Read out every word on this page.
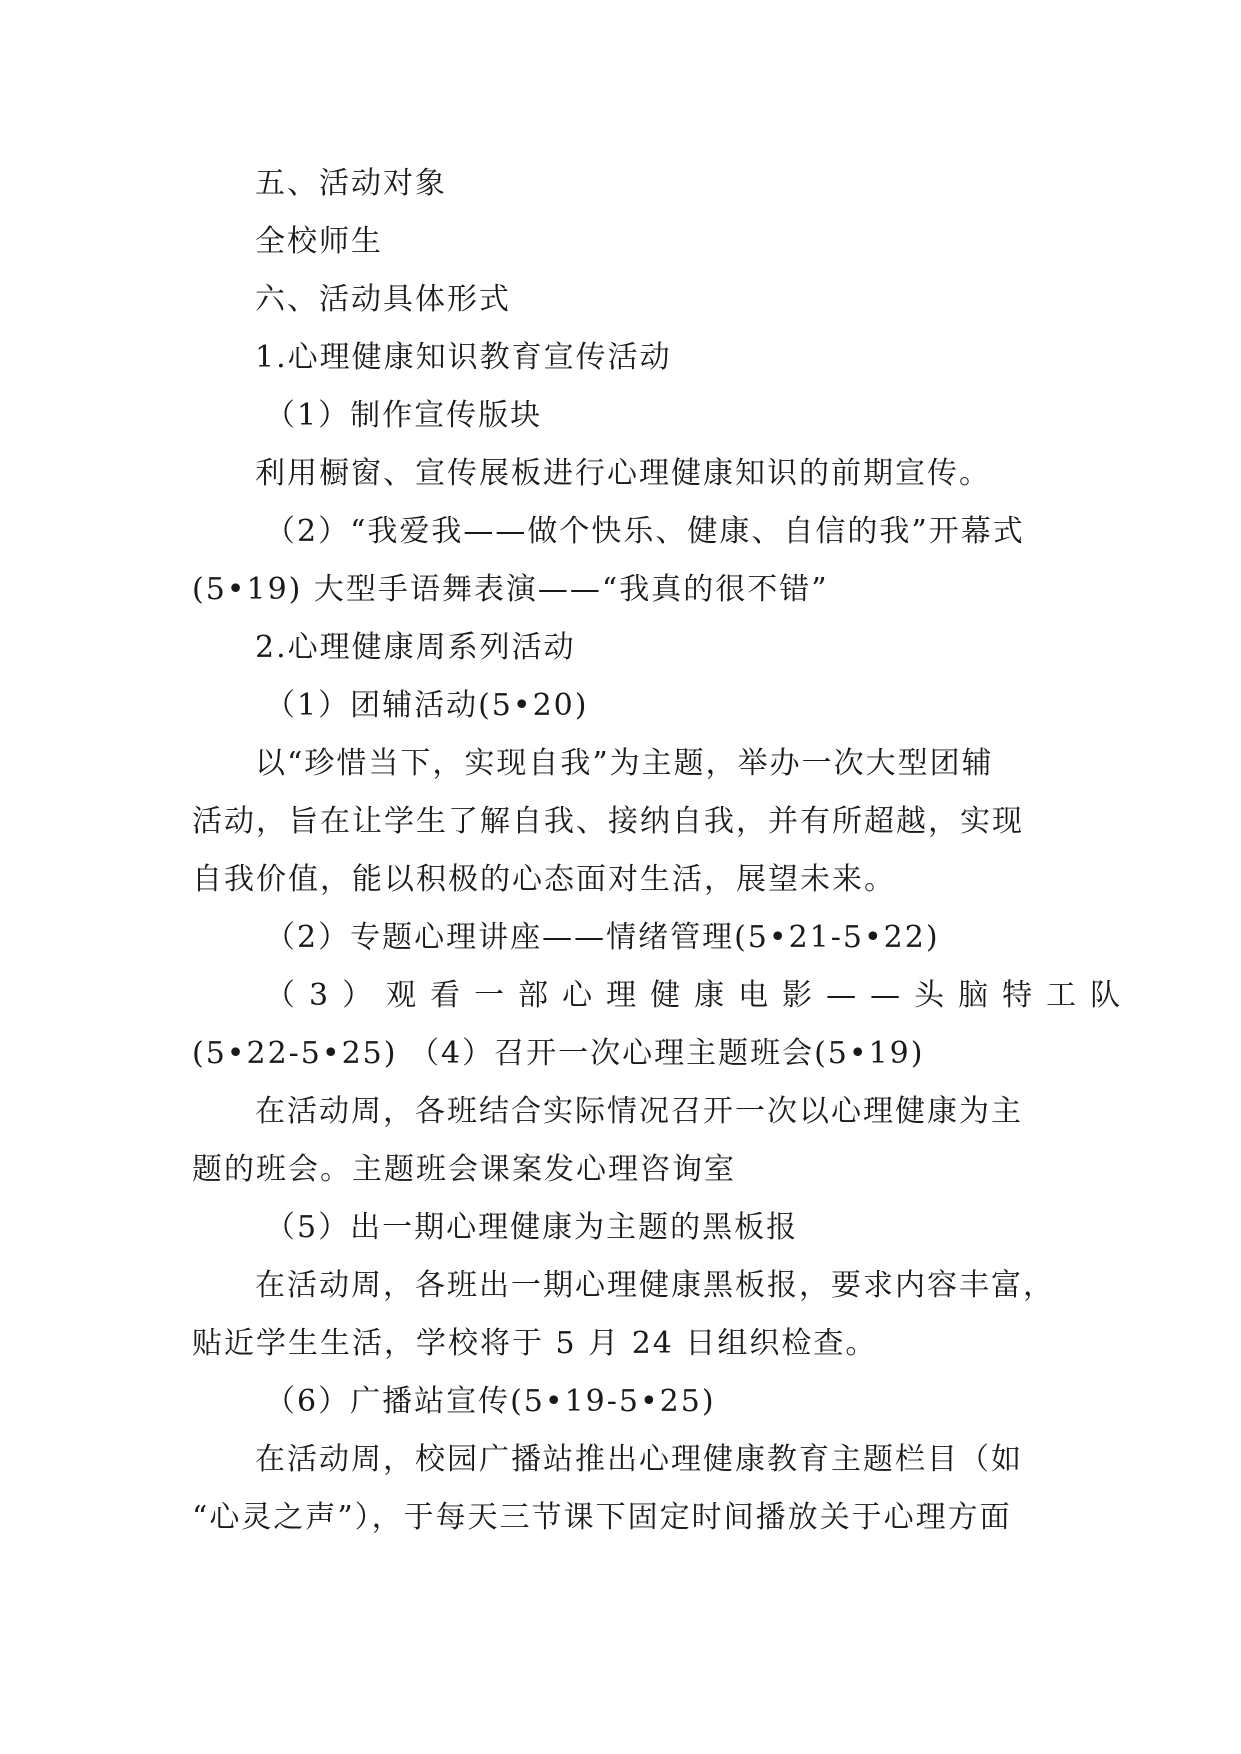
五、活动对象
全校师生
六、活动具体形式
1.心理健康知识教育宣传活动
（1）制作宣传版块
利用橱窗、宣传展板进行心理健康知识的前期宣传。
（2）“我爱我——做个快乐、健康、自信的我”开幕式
(5•19) 大型手语舞表演——“我真的很不错”
2.心理健康周系列活动
（1）团辅活动(5•20)
以“珍惜当下，实现自我”为主题，举办一次大型团辅
活动，旨在让学生了解自我、接纳自我，并有所超越，实现
自我价值，能以积极的心态面对生活，展望未来。
（2）专题心理讲座——情绪管理(5•21-5•22)
（3）观看一部心理健康电影——头脑特工队
(5•22-5•25) （4）召开一次心理主题班会(5•19)
在活动周，各班结合实际情况召开一次以心理健康为主
题的班会。主题班会课案发心理咨询室
（5）出一期心理健康为主题的黑板报
在活动周，各班出一期心理健康黑板报，要求内容丰富，
贴近学生生活，学校将于 5 月 24 日组织检查。
（6）广播站宣传(5•19-5•25)
在活动周，校园广播站推出心理健康教育主题栏目（如
“心灵之声”），于每天三节课下固定时间播放关于心理方面
